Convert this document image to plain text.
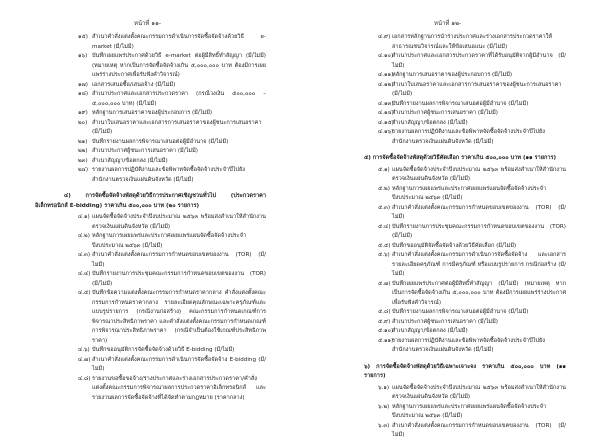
หน้าที่ ๑๑-
๑๕) สำเนาคำสั่งแต่งตั้งคณะกรรมการดำเนินการจัดซื้อจัดจ้างด้วยวิธี e-market (มี/ไม่มี)
๑๖) บันทึกเผยแพร่ประกาศด้วยวิธี e-market ต่อผู้มีสิทธิ์ทำสัญญา (มี/ไม่มี) (หมายเหตุ หากเป็นการจัดซื้อจัดจ้างเกิน ๕,๐๐๐,๐๐๐ บาท ต้องมีการเผยแพร่ร่างประกาศเพื่อรับฟังคำวิจารณ์)
๑๗) เอกสารเสนอซื้อ/เสนอจ้าง (มี/ไม่มี)
๑๘) สำเนาประกาศและเอกสารประกวดราคา (กรณีวงเงิน ๕๐๐,๐๐๐ – ๕,๐๐๐,๐๐๐ บาท) (มี/ไม่มี)
๑๙) หลักฐานการเสนอราคาของผู้ประกอบการ (มี/ไม่มี)
๒๐) สำเนาใบเสนอราคาและเอกสารการเสนอราคาของผู้ชนะการเสนอราคา (มี/ไม่มี)
๒๑) บันทึกรายงานผลการพิจารณาเสนอต่อผู้มีอำนาจ (มี/ไม่มี)
๒๒) สำเนาประกาศผู้ชนะการเสนอราคา (มี/ไม่มี)
๒๓) สำเนาสัญญา/ข้อตกลง (มี/ไม่มี)
๒๔) รายงานผลการปฏิบัติงานและข้อพิพาทจัดซื้อจัดจ้างประจำปีไปยังสำนักงานตรวจเงินแผ่นดินจังหวัด (มี/ไม่มี)
๔) การจัดซื้อจัดจ้างพัสดุด้วยวิธีการประกาศเชิญชวนทั่วไป (ประกวดราคาอิเล็กทรอนิกส์ E-bidding) ราคาเกิน ๕๐๐,๐๐๐ บาท (๒๐ รายการ)
๔.๑) แผนจัดซื้อจัดจ้างประจำปีงบประมาณ ๒๕๖๓ พร้อมส่งสำเนาให้สำนักงานตรวจเงินแผ่นดินจังหวัด (มี/ไม่มี)
๔.๒) หลักฐานการเผยแพร่และประกาศเผยแพร่แผนจัดซื้อจัดจ้างประจำปีงบประมาณ ๒๕๖๓ (มี/ไม่มี)
๔.๓) สำเนาคำสั่งแต่งตั้งคณะกรรมการกำหนดขอบเขตของงาน (TOR) (มี/ไม่มี)
๔.๔) บันทึกรายงานการประชุมคณะกรรมการกำหนดขอบเขตของงาน (TOR) (มี/ไม่มี)
๔.๕) บันทึกข้อความแต่งตั้งคณะกรรมการกำหนดราคากลาง คำสั่งแต่งตั้งคณะกรรมการกำหนดราคากลาง รายละเอียดคุณลักษณะเฉพาะครุภัณฑ์และแบบรูปรายการ (กรณีงานก่อสร้าง) คณะกรรมการกำหนดเกณฑ์การพิจารณาประสิทธิภาพราคา และคำสั่งแต่งตั้งคณะกรรมการกำหนดเกณฑ์การพิจารณาประสิทธิภาพราคา (กรณีจำเป็นต้องใช้เกณฑ์ประสิทธิภาพราคา)
๔.๖) บันทึกขออนุมัติการจัดซื้อจัดจ้างด้วยวิธี E-bidding (มี/ไม่มี)
๔.๗) สำเนาคำสั่งแต่งตั้งคณะกรรมการดำเนินการจัดซื้อจัดจ้าง E-bidding (มี/ไม่มี)
๔.๘) รายงานขอซื้อขอจ้าง/ร่างประกาศและร่างเอกสารประกวดราคา/คำสั่งแต่งตั้งคณะกรรมการพิจารณาผลการประกวดราคาอิเล็กทรอนิกส์ และรายงานผลการจัดซื้อจัดจ้างที่ได้จัดทำตามกฎหมาย (ราคากลาง)
หน้าที่ ๑๒-
๔.๙) เอกสารหลักฐานการนำร่างประกาศและร่างเอกสารประกวดราคาให้สาธารณชนวิจารณ์และให้ข้อเสนอแนะ (มี/ไม่มี)
๔.๑๐)
สำเนาประกาศและเอกสารประกวดราคาที่ได้รับอนุมัติจากผู้มีอำนาจ (มี/ไม่มี)
๔.๑๑)
หลักฐานการเสนอราคาของผู้ประกอบการ (มี/ไม่มี)
๔.๑๒)
สำเนาใบเสนอราคาและเอกสารการเสนอราคาของผู้ชนะการเสนอราคา (มี/ไม่มี)
๔.๑๓)
บันทึกรายงานผลการพิจารณาเสนอต่อผู้มีอำนาจ (มี/ไม่มี)
๔.๑๔)
สำเนาประกาศผู้ชนะการเสนอราคา (มี/ไม่มี)
๔.๑๕)
สำเนาสัญญา/ข้อตกลง (มี/ไม่มี)
๔.๑๖)
รายงานผลการปฏิบัติงานและข้อพิพาทจัดซื้อจัดจ้างประจำปีไปยังสำนักงานตรวจเงินแผ่นดินจังหวัด (มี/ไม่มี)
๕) การจัดซื้อจัดจ้างพัสดุด้วยวิธีคัดเลือก ราคาเกิน ๕๐๐,๐๐๐ บาท (๑๑ รายการ)
๕.๑) แผนจัดซื้อจัดจ้างประจำปีงบประมาณ ๒๕๖๓ พร้อมส่งสำเนาให้สำนักงานตรวจเงินแผ่นดินจังหวัด (มี/ไม่มี)
๕.๒) หลักฐานการเผยแพร่และประกาศเผยแพร่แผนจัดซื้อจัดจ้างประจำปีงบประมาณ ๒๕๖๓ (มี/ไม่มี)
๕.๓) สำเนาคำสั่งแต่งตั้งคณะกรรมการกำหนดขอบเขตของงาน (TOR) (มี/ไม่มี)
๕.๔) บันทึกรายงานการประชุมคณะกรรมการกำหนดขอบเขตของงาน (TOR) (มี/ไม่มี)
๕.๕) บันทึกขออนุมัติจัดซื้อจัดจ้างด้วยวิธีคัดเลือก (มี/ไม่มี)
๕.๖) สำเนาคำสั่งแต่งตั้งคณะกรรมการดำเนินการจัดซื้อจัดจ้าง และเอกสารรายละเอียดครุภัณฑ์ การมีครุภัณฑ์ หรือแบบรูปรายการ กรณีก่อสร้าง (มี/ไม่มี)
๕.๗) บันทึกเผยแพร่ประกาศต่อผู้มีสิทธิ์ทำสัญญา (มี/ไม่มี) (หมายเหตุ หากเป็นการจัดซื้อจัดจ้างเกิน ๕,๐๐๐,๐๐๐ บาท ต้องมีการเผยแพร่ร่างประกาศเพื่อรับฟังคำวิจารณ์)
๕.๘) บันทึกรายงานผลการพิจารณาเสนอต่อผู้มีอำนาจ (มี/ไม่มี)
๕.๙) สำเนาประกาศผู้ชนะการเสนอราคา (มี/ไม่มี)
๕.๑๐)
สำเนาสัญญา/ข้อตกลง (มี/ไม่มี)
๕.๑๑)
รายงานผลการปฏิบัติงานและข้อพิพาทจัดซื้อจัดจ้างประจำปีไปยังสำนักงานตรวจเงินแผ่นดินจังหวัด (มี/ไม่มี)
๖) การจัดซื้อจัดจ้างพัสดุด้วยวิธีเฉพาะเจาะจง ราคาเกิน ๕๐๐,๐๐๐ บาท (๑๑ รายการ)
๖.๑) แผนจัดซื้อจัดจ้างประจำปีงบประมาณ ๒๕๖๓ พร้อมส่งสำเนาให้สำนักงานตรวจเงินแผ่นดินจังหวัด (มี/ไม่มี)
๖.๒) หลักฐานการเผยแพร่และประกาศเผยแพร่แผนจัดซื้อจัดจ้างประจำปีงบประมาณ ๒๕๖๓ (มี/ไม่มี)
๖.๓) สำเนาคำสั่งแต่งตั้งคณะกรรมการกำหนดขอบเขตของงาน (TOR) (มี/ไม่มี)
